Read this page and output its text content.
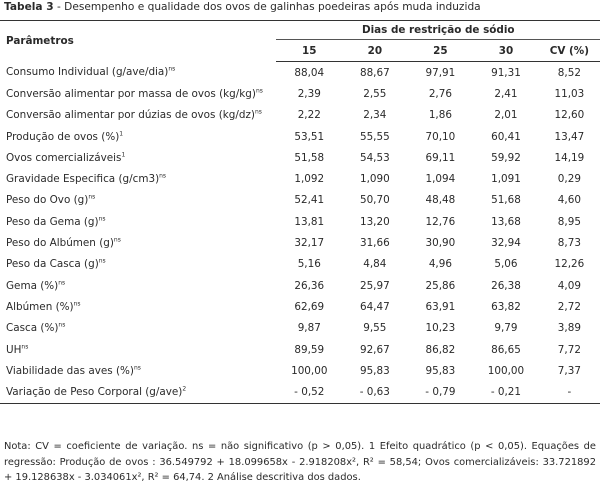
Tabela 3 - Desempenho e qualidade dos ovos de galinhas poedeiras após muda induzida
Parâmetros	Dias de restrição de sódio				
	15	20	25	30	CV (%)
Consumo Individual $(g/ave/dia)^{ns}$	88,04	88,67	97,91	91,31	8,52
Conversão alimentar por massa de ovos $(kg/kg)^{ns}$	2,39	2,55	2,76	2,41	11,03
Conversão alimentar por dúzias de ovos $(kg/dz)^{ns}$	2,22	2,34	1,86	2,01	12,60
Produção de ovos (%)$^1$	53,51	55,55	70,10	60,41	13,47
Ovos comercializáveis$^1$	51,58	54,53	69,11	59,92	14,19
Gravidade Especifica $(g/cm3)^{ns}$	1,092	1,090	1,094	1,091	0,29
Peso do Ovo $(g)^{ns}$	52,41	50,70	48,48	51,68	4,60
Peso da Gema $(g)^{ns}$	13,81	13,20	12,76	13,68	8,95
Peso do Albúmen $(g)^{ns}$	32,17	31,66	30,90	32,94	8,73
Peso da Casca $(g)^{ns}$	5,16	4,84	4,96	5,06	12,26
Gema (%)$^{ns}$	26,36	25,97	25,86	26,38	4,09
Albúmen (%)$^{ns}$	62,69	64,47	63,91	63,82	2,72
Casca (%)$^{ns}$	9,87	9,55	10,23	9,79	3,89
$UH^{ns}$	89,59	92,67	86,82	86,65	7,72
Viabilidade das aves (%)$^{ns}$	100,00	95,83	95,83	100,00	7,37
Variação de Peso Corporal $(g/ave)^2$	- 0,52	- 0,63	- 0,79	- 0,21	-
Nota: CV = coeficiente de variação. ns = não significativo (p > 0,05). 1 Efeito quadrático (p < 0,05). Equações de regressão: Produção de ovos : 36.549792 + 18.099658x - 2.918208x², R² = 58,54; Ovos comercializáveis: 33.721892 + 19.128638x - 3.034061x², R² = 64,74. 2 Análise descritiva dos dados.
